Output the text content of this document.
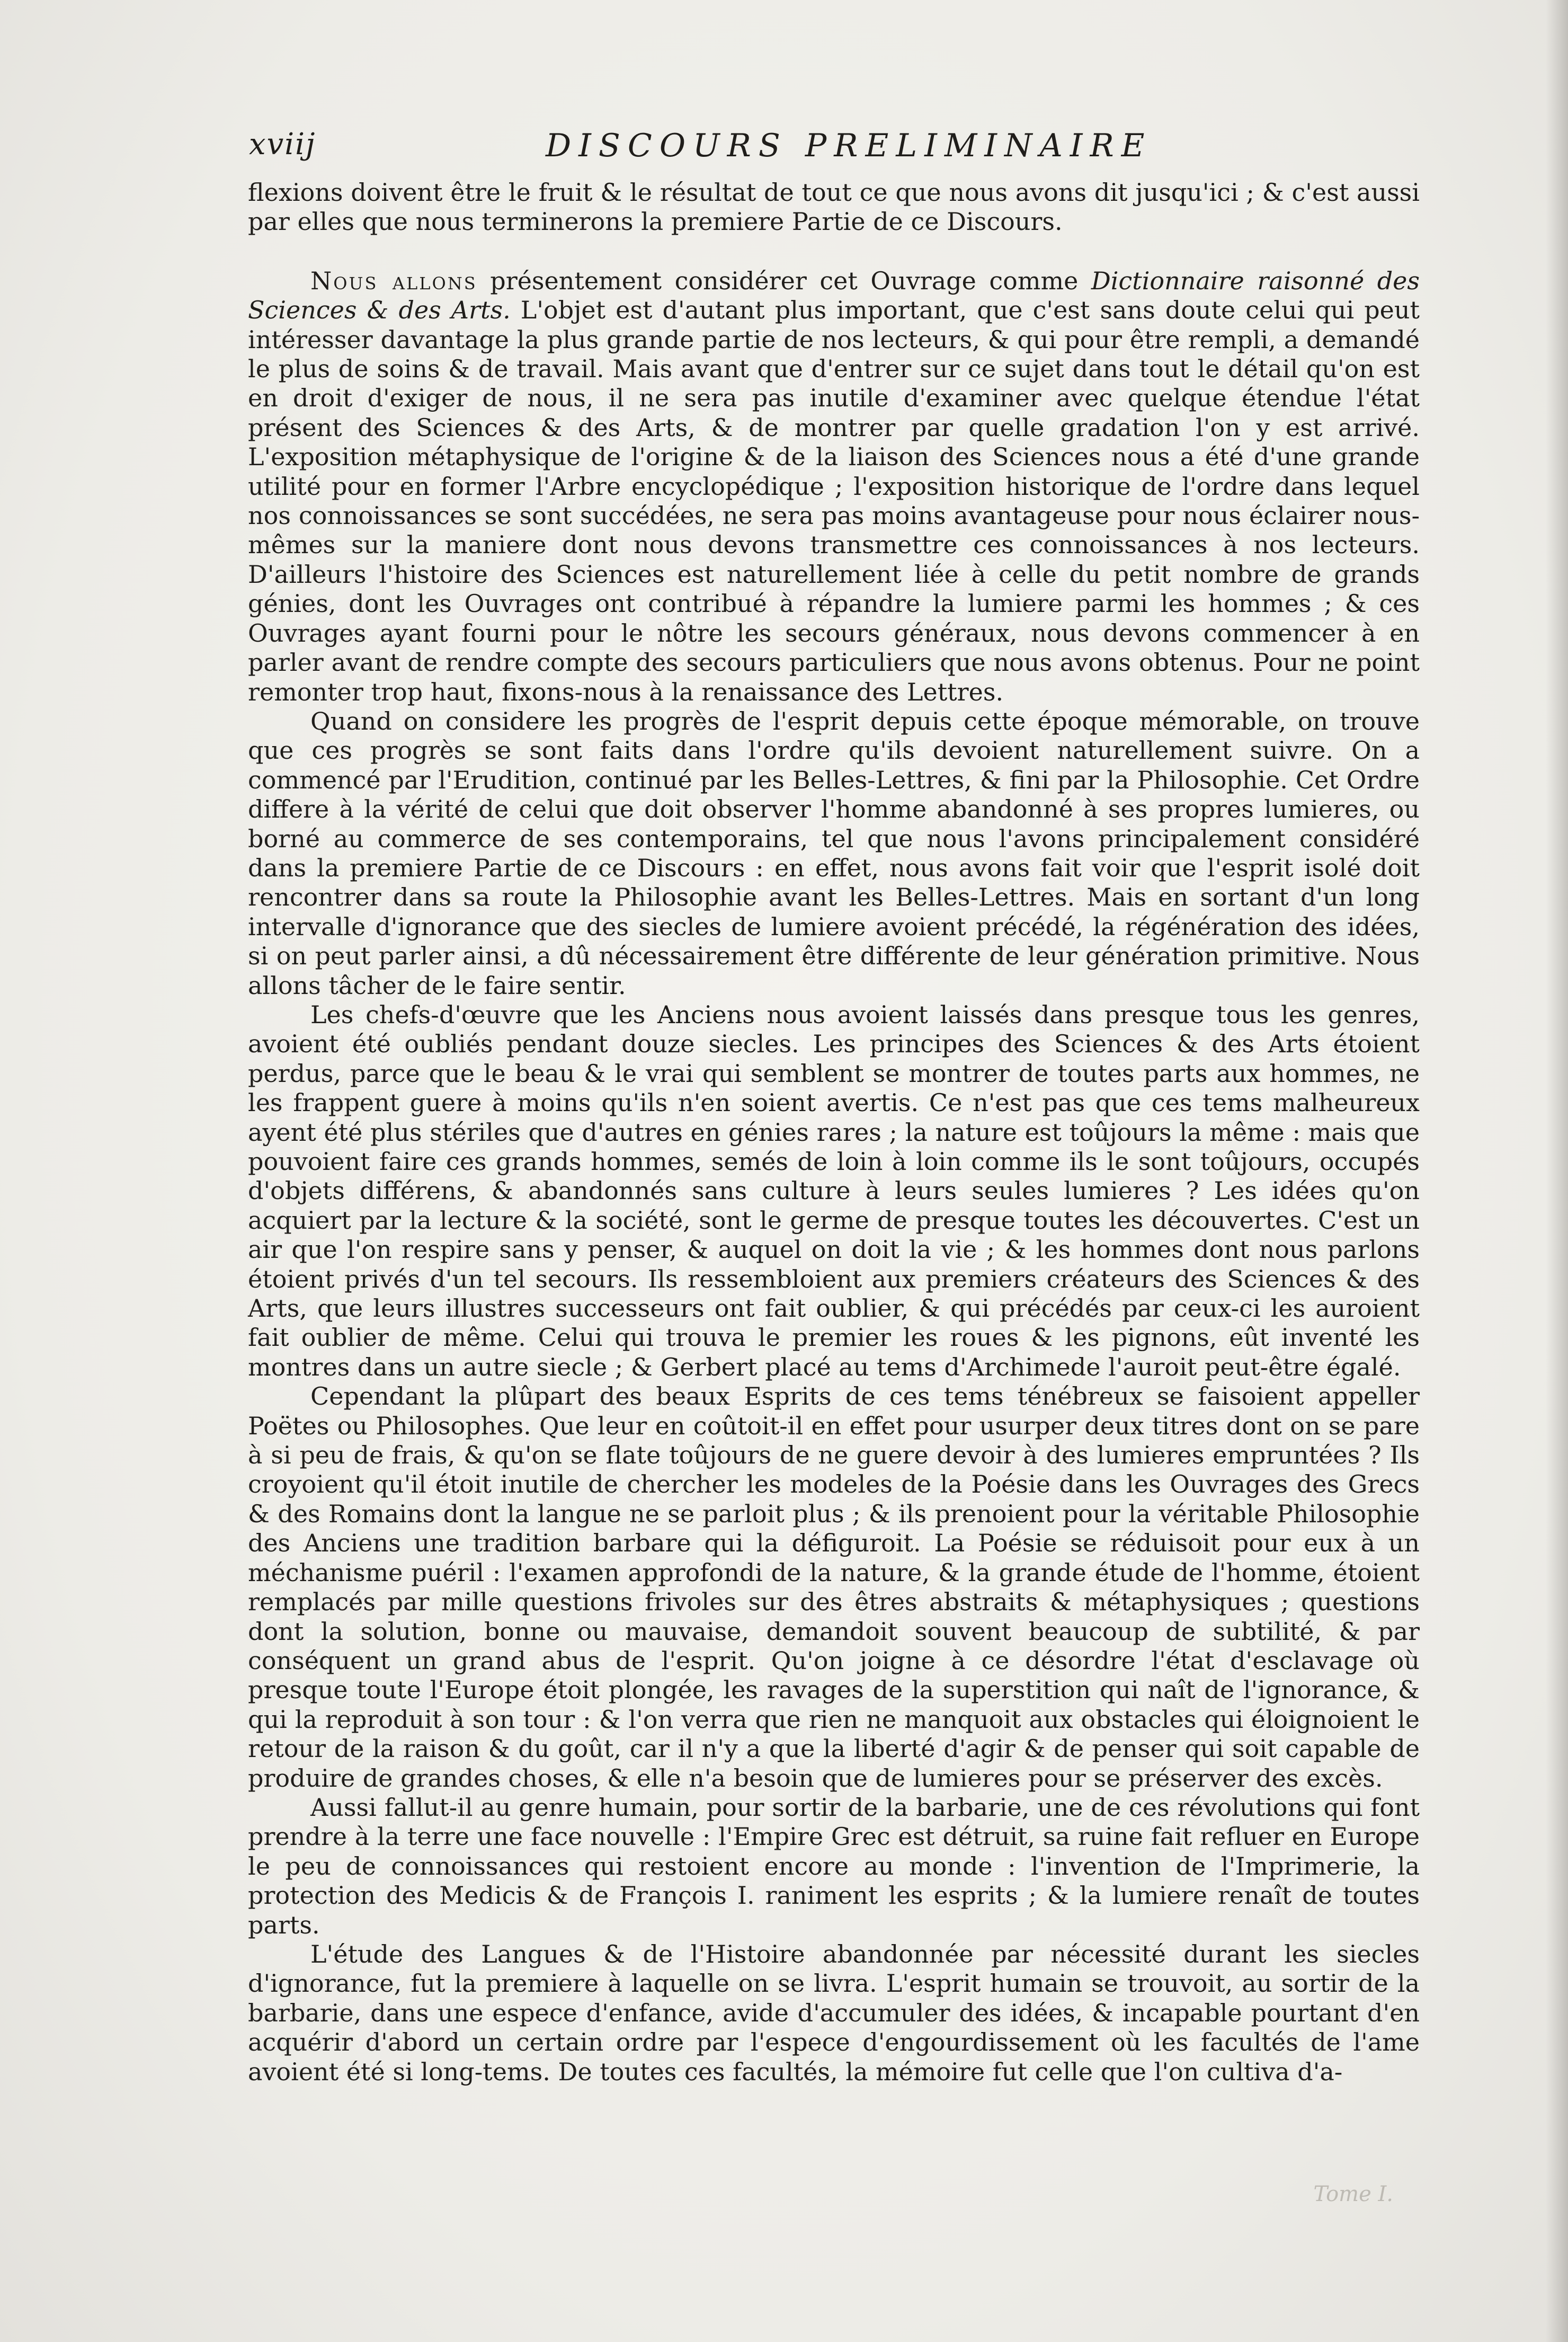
xviij	DISCOURS PRELIMINAIRE

flexions doivent être le fruit & le résultat de tout ce que nous avons dit jusqu'ici ; & c'est aussi par elles que nous terminerons la premiere Partie de ce Discours.

Nous allons présentement considérer cet Ouvrage comme Dictionnaire raisonné des Sciences & des Arts. L'objet est d'autant plus important, que c'est sans doute celui qui peut intéresser davantage la plus grande partie de nos lecteurs, & qui pour être rempli, a demandé le plus de soins & de travail. Mais avant que d'entrer sur ce sujet dans tout le détail qu'on est en droit d'exiger de nous, il ne sera pas inutile d'examiner avec quelque étendue l'état présent des Sciences & des Arts, & de montrer par quelle gradation l'on y est arrivé. L'exposition métaphysique de l'origine & de la liaison des Sciences nous a été d'une grande utilité pour en former l'Arbre encyclopédique ; l'exposition historique de l'ordre dans lequel nos connoissances se sont succédées, ne sera pas moins avantageuse pour nous éclairer nous-mêmes sur la maniere dont nous devons transmettre ces connoissances à nos lecteurs. D'ailleurs l'histoire des Sciences est naturellement liée à celle du petit nombre de grands génies, dont les Ouvrages ont contribué à répandre la lumiere parmi les hommes ; & ces Ouvrages ayant fourni pour le nôtre les secours généraux, nous devons commencer à en parler avant de rendre compte des secours particuliers que nous avons obtenus. Pour ne point remonter trop haut, fixons-nous à la renaissance des Lettres.

Quand on considere les progrès de l'esprit depuis cette époque mémorable, on trouve que ces progrès se sont faits dans l'ordre qu'ils devoient naturellement suivre. On a commencé par l'Erudition, continué par les Belles-Lettres, & fini par la Philosophie. Cet Ordre differe à la vérité de celui que doit observer l'homme abandonné à ses propres lumieres, ou borné au commerce de ses contemporains, tel que nous l'avons principalement considéré dans la premiere Partie de ce Discours : en effet, nous avons fait voir que l'esprit isolé doit rencontrer dans sa route la Philosophie avant les Belles-Lettres. Mais en sortant d'un long intervalle d'ignorance que des siecles de lumiere avoient précédé, la régénération des idées, si on peut parler ainsi, a dû nécessairement être différente de leur génération primitive. Nous allons tâcher de le faire sentir.

Les chefs-d'œuvre que les Anciens nous avoient laissés dans presque tous les genres, avoient été oubliés pendant douze siecles. Les principes des Sciences & des Arts étoient perdus, parce que le beau & le vrai qui semblent se montrer de toutes parts aux hommes, ne les frappent guere à moins qu'ils n'en soient avertis. Ce n'est pas que ces tems malheureux ayent été plus stériles que d'autres en génies rares ; la nature est toûjours la même : mais que pouvoient faire ces grands hommes, semés de loin à loin comme ils le sont toûjours, occupés d'objets différens, & abandonnés sans culture à leurs seules lumieres ? Les idées qu'on acquiert par la lecture & la société, sont le germe de presque toutes les découvertes. C'est un air que l'on respire sans y penser, & auquel on doit la vie ; & les hommes dont nous parlons étoient privés d'un tel secours. Ils ressembloient aux premiers créateurs des Sciences & des Arts, que leurs illustres successeurs ont fait oublier, & qui précédés par ceux-ci les auroient fait oublier de même. Celui qui trouva le premier les roues & les pignons, eût inventé les montres dans un autre siecle ; & Gerbert placé au tems d'Archimede l'auroit peut-être égalé.

Cependant la plûpart des beaux Esprits de ces tems ténébreux se faisoient appeller Poëtes ou Philosophes. Que leur en coûtoit-il en effet pour usurper deux titres dont on se pare à si peu de frais, & qu'on se flate toûjours de ne guere devoir à des lumieres empruntées ? Ils croyoient qu'il étoit inutile de chercher les modeles de la Poésie dans les Ouvrages des Grecs & des Romains dont la langue ne se parloit plus ; & ils prenoient pour la véritable Philosophie des Anciens une tradition barbare qui la défiguroit. La Poésie se réduisoit pour eux à un méchanisme puéril : l'examen approfondi de la nature, & la grande étude de l'homme, étoient remplacés par mille questions frivoles sur des êtres abstraits & métaphysiques ; questions dont la solution, bonne ou mauvaise, demandoit souvent beaucoup de subtilité, & par conséquent un grand abus de l'esprit. Qu'on joigne à ce désordre l'état d'esclavage où presque toute l'Europe étoit plongée, les ravages de la superstition qui naît de l'ignorance, & qui la reproduit à son tour : & l'on verra que rien ne manquoit aux obstacles qui éloignoient le retour de la raison & du goût, car il n'y a que la liberté d'agir & de penser qui soit capable de produire de grandes choses, & elle n'a besoin que de lumieres pour se préserver des excès.

Aussi fallut-il au genre humain, pour sortir de la barbarie, une de ces révolutions qui font prendre à la terre une face nouvelle : l'Empire Grec est détruit, sa ruine fait refluer en Europe le peu de connoissances qui restoient encore au monde : l'invention de l'Imprimerie, la protection des Medicis & de François I. raniment les esprits ; & la lumiere renaît de toutes parts.

L'étude des Langues & de l'Histoire abandonnée par nécessité durant les siecles d'ignorance, fut la premiere à laquelle on se livra. L'esprit humain se trouvoit, au sortir de la barbarie, dans une espece d'enfance, avide d'accumuler des idées, & incapable pourtant d'en acquérir d'abord un certain ordre par l'espece d'engourdissement où les facultés de l'ame avoient été si long-tems. De toutes ces facultés, la mémoire fut celle que l'on cultiva d'a-

Tome I.
